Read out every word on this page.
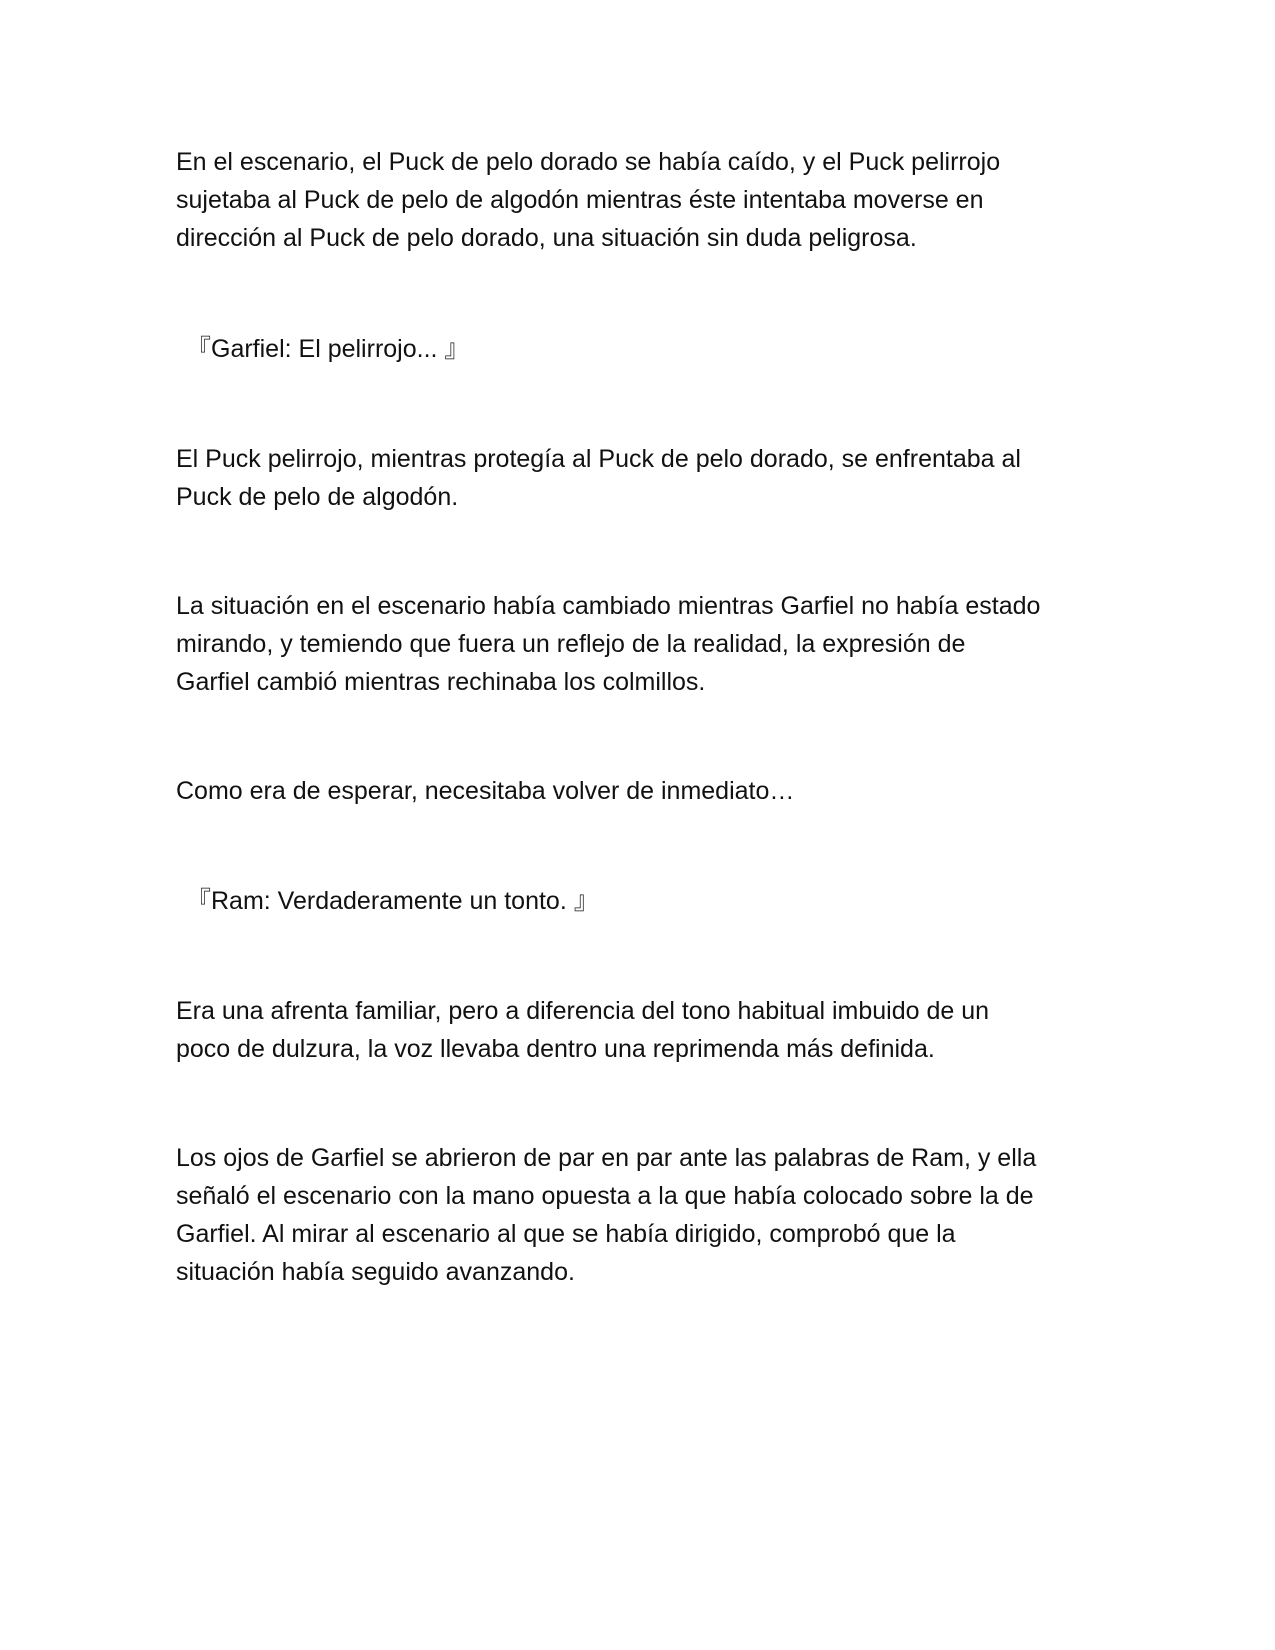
En el escenario, el Puck de pelo dorado se había caído, y el Puck pelirrojo
sujetaba al Puck de pelo de algodón mientras éste intentaba moverse en
dirección al Puck de pelo dorado, una situación sin duda peligrosa.

『Garfiel: El pelirrojo... 』

El Puck pelirrojo, mientras protegía al Puck de pelo dorado, se enfrentaba al
Puck de pelo de algodón.

La situación en el escenario había cambiado mientras Garfiel no había estado
mirando, y temiendo que fuera un reflejo de la realidad, la expresión de
Garfiel cambió mientras rechinaba los colmillos.

Como era de esperar, necesitaba volver de inmediato…

『Ram: Verdaderamente un tonto. 』

Era una afrenta familiar, pero a diferencia del tono habitual imbuido de un
poco de dulzura, la voz llevaba dentro una reprimenda más definida.

Los ojos de Garfiel se abrieron de par en par ante las palabras de Ram, y ella
señaló el escenario con la mano opuesta a la que había colocado sobre la de
Garfiel. Al mirar al escenario al que se había dirigido, comprobó que la
situación había seguido avanzando.
